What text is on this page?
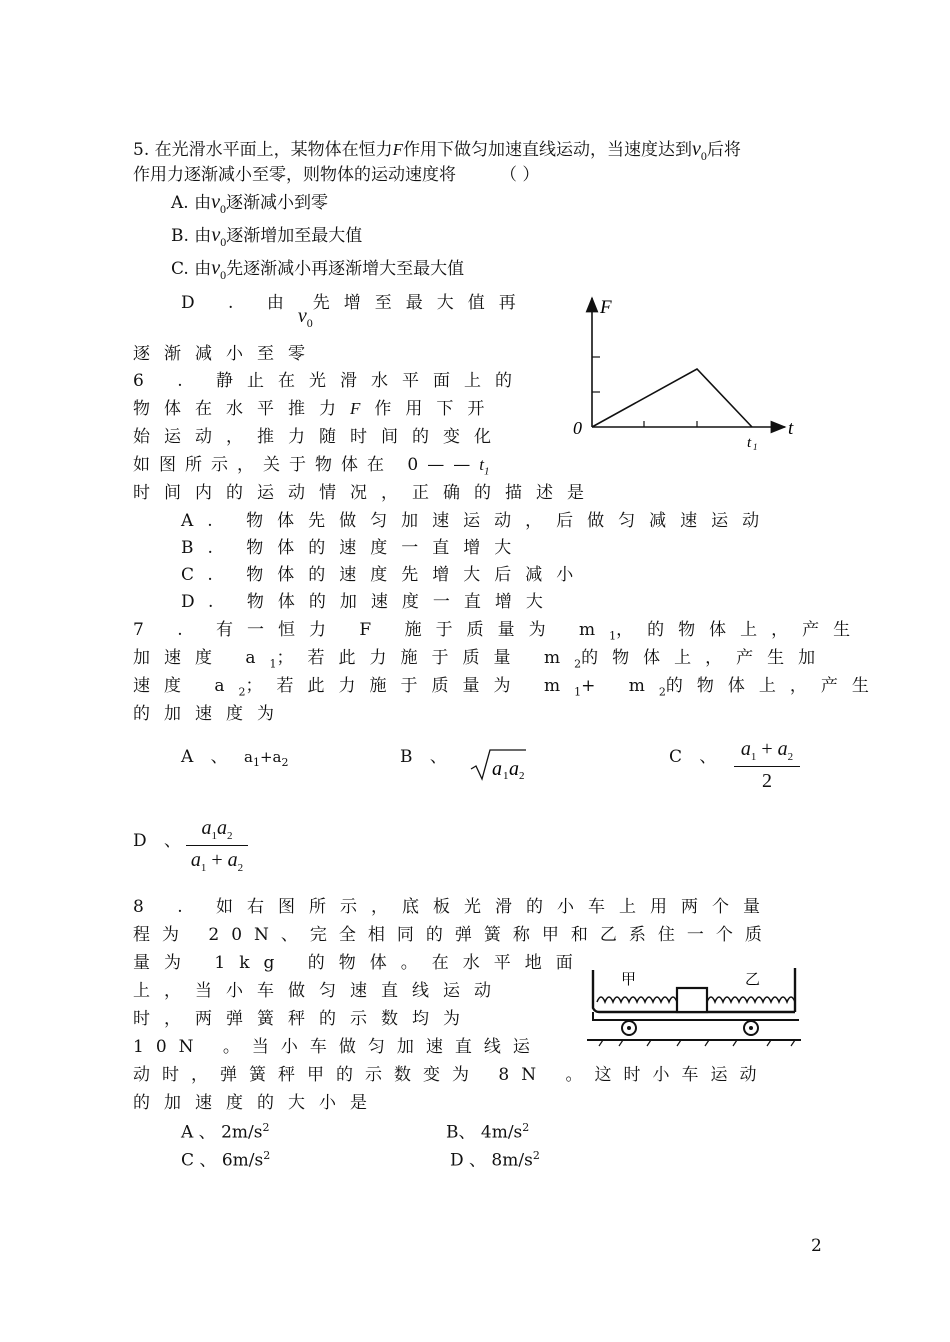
5. 在光滑水平面上，某物体在恒力F作用下做匀加速直线运动，当速度达到$v_0$后将
作用力逐渐减小至零，则物体的运动速度将	（ ）
A. 由$v_0$逐渐减小到零
B. 由$v_0$逐渐增加至最大值
C. 由$v_0$先逐渐减小再逐渐增大至最大值
D . 由$v_0$先增至最大值再
逐渐减小至零
6 . 静止在光滑水平面上的
物体在水平推力F作用下开
始运动，推力随时间的变化
如图所示，关于物体在 $0——t_1$
时间内的运动情况，正确的描述是
A. 物体先做匀加速运动，后做匀减速运动
B. 物体的速度一直增大
C. 物体的速度先增大后减小
D. 物体的加速度一直增大
F
t
0
t 1
7 . 有一恒力 F 施于质量为 $m_1$，的物体上，产生
加速度 $a_1$；若此力施于质量 $m_2$的物体上，产生加
速度 $a_2$；若此力施于质量为 $m_1+ m_2$的物体上，产生
的加速度为
A 、 $a_1+a_2$	B 、
a 1 a 2
C 、 $a_1 + a_2$
2
D 、
$a_1a_2$
$a_1 + a_2$
8 . 如右图所示，底板光滑的小车上用两个量
程为 20N、完全相同的弹簧称甲和乙系住一个质
量为 1kg 的物体。在水平地面
上，当小车做匀速直线运动
时，两弹簧秤的示数均为
10N 。当小车做匀加速直线运
动时，弹簧秤甲的示数变为 8N 。这时小车运动
的加速度的大小是
甲	乙
A 、 $2m/s^2$	B、 $4m/s^2$
C 、 $6m/s^2$	D 、 $8m/s^2$
2
